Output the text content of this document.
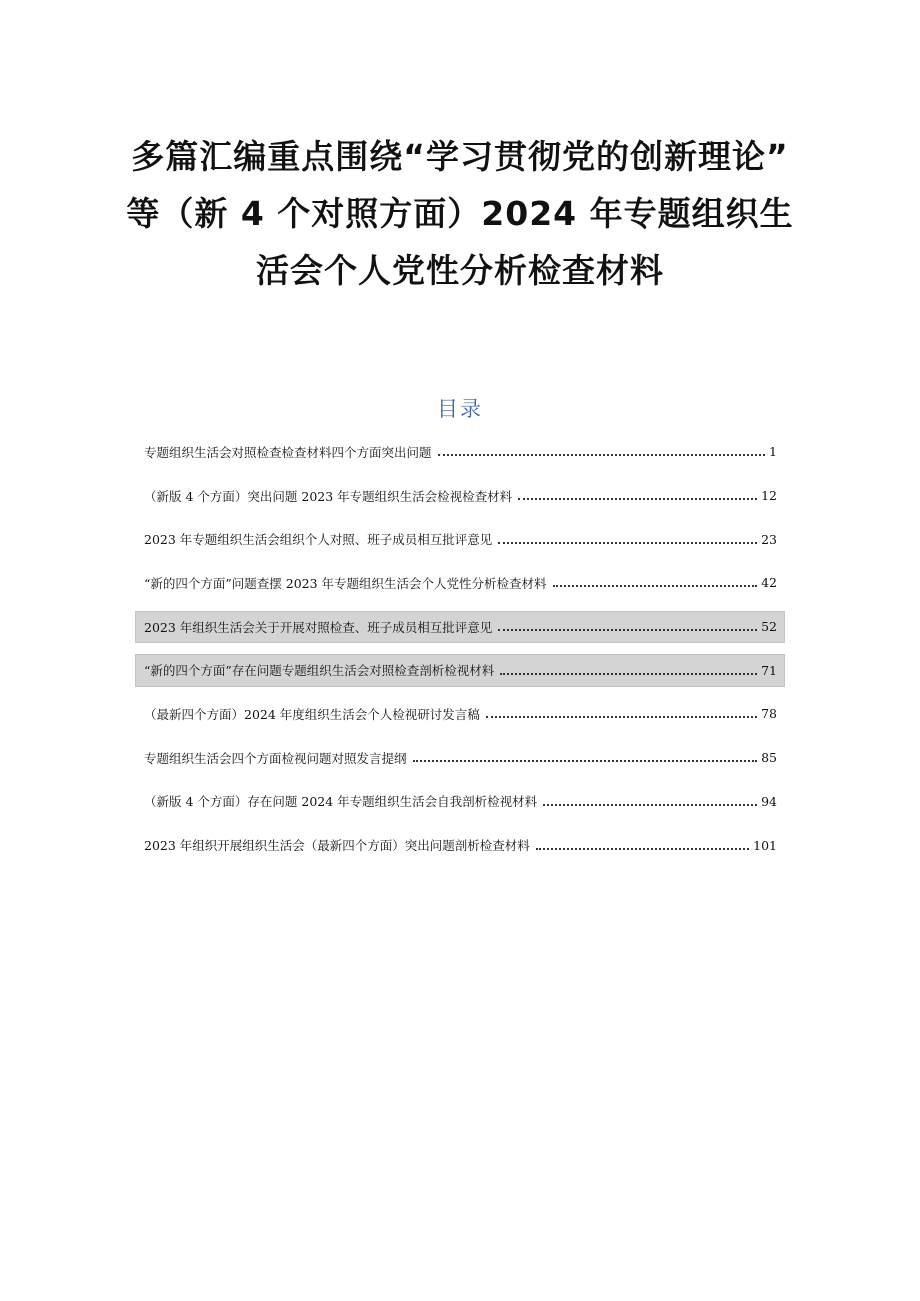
多篇汇编重点围绕“学习贯彻党的创新理论”
等（新 4 个对照方面）2024 年专题组织生
活会个人党性分析检查材料
目录
专题组织生活会对照检查检查材料四个方面突出问题	1
（新版 4 个方面）突出问题 2023 年专题组织生活会检视检查材料	12
2023 年专题组织生活会组织个人对照、班子成员相互批评意见	23
“新的四个方面”问题查摆 2023 年专题组织生活会个人党性分析检查材料	42
2023 年组织生活会关于开展对照检查、班子成员相互批评意见	52
“新的四个方面”存在问题专题组织生活会对照检查剖析检视材料	71
（最新四个方面）2024 年度组织生活会个人检视研讨发言稿	78
专题组织生活会四个方面检视问题对照发言提纲	85
（新版 4 个方面）存在问题 2024 年专题组织生活会自我剖析检视材料	94
2023 年组织开展组织生活会（最新四个方面）突出问题剖析检查材料	101
